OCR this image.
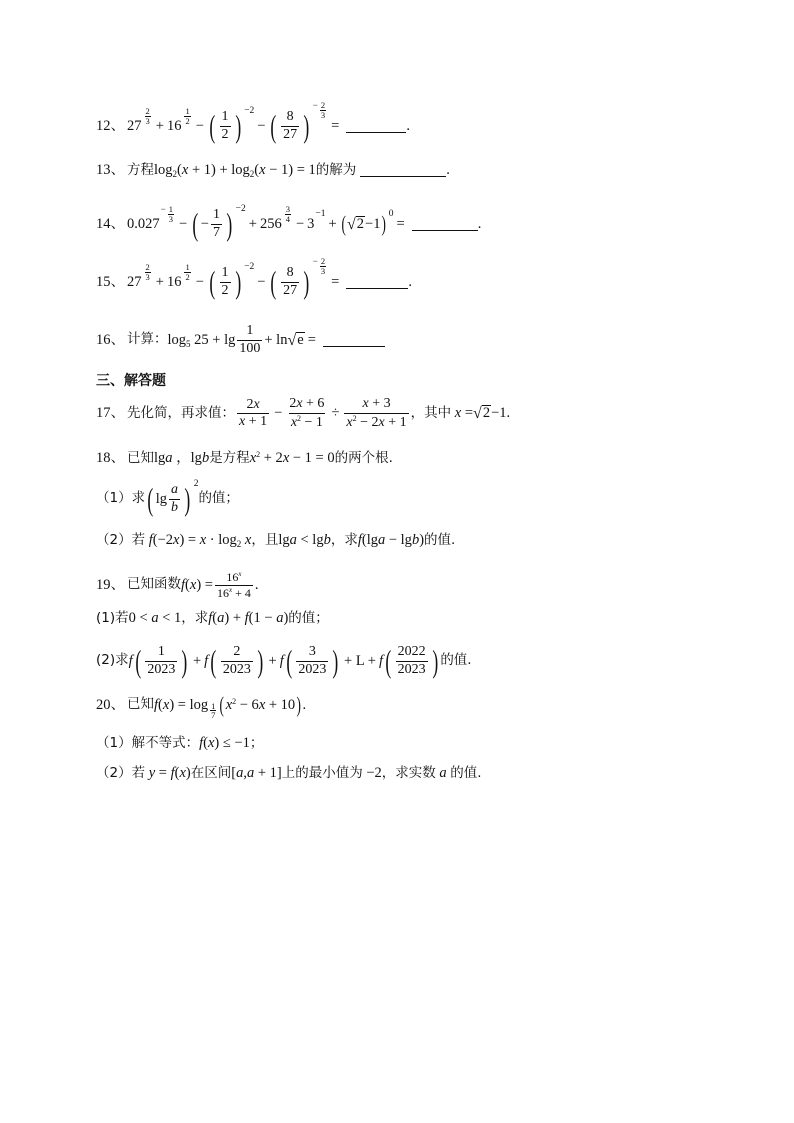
12、 27
$\frac{2}{3}$
+ 16
$\frac{1}{2}$
− ( $\frac{1}{2}$ ) −2
− ( $\frac{8}{27}$ )
− $\frac{2}{3}$
=	.
13、 方程 log 2 (x + 1) + log 2 (x − 1) = 1 的解为	.
14、 0.027
− $\frac{1}{3}$
− ( − $\frac{1}{7}$ ) −2
+ 256
$\frac{3}{4}$
− 3
−1
+ ( √ 2 −1 ) 0
=	.
15、 27
$\frac{2}{3}$
+ 16
$\frac{1}{2}$
− ( $\frac{1}{2}$ ) −2
− ( $\frac{8}{27}$ )
− $\frac{2}{3}$
=	.
16、 计算： log 5 $25 + \lg \frac{1}{100} + \ln$ √ e =
三、解答题
17、 先化简，再求值： $\frac{2x}{x + 1} - \frac{2x + 6}{x^2 - 1} \div \frac{x + 3}{x^2 - 2x + 1}$ ，其中 x = √ 2 −1 .
18、 已知 lga ，lgb 是方程 $x^2 + 2x - 1 = 0$ 的两个根.
（1）求 ( $\lg \frac{a}{b}$ ) 2
的值；
（2）若 f(−2x) = x · log 2 x ，且 lga < lgb ，求 f(lga − lgb) 的值.
19、 已知函数 $f(x) = \frac{16^x}{16^x + 4}$ .
(1)若 0 < a < 1 ，求 f(a) + f(1 − a) 的值；
(2)求 f ( $\frac{1}{2023}$ ) + f ( $\frac{2}{2023}$ ) + f ( $\frac{3}{2023}$ ) + L + f ( $\frac{2022}{2023}$ ) 的值.
20、 已知 $f(x) = \log \frac{1}{7}$ ( $x^2 - 6x + 10$ ) .
（1）解不等式： f(x) ≤ −1 ；
（2）若 y = f(x) 在区间 [a,a + 1] 上的最小值为 −2 ，求实数 a 的值.
